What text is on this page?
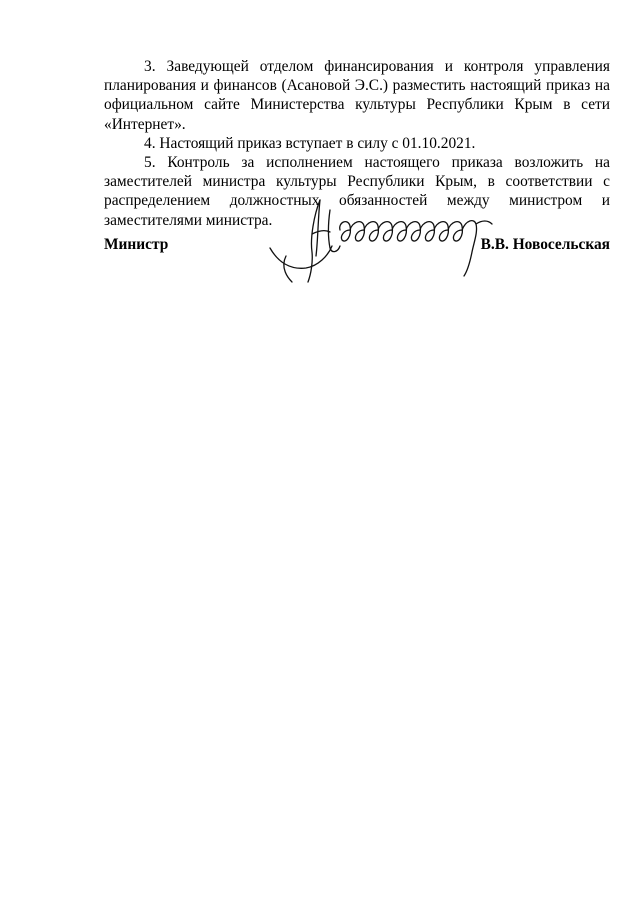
3. Заведующей отделом финансирования и контроля управления планирования и финансов (Асановой Э.С.) разместить настоящий приказ на официальном сайте Министерства культуры Республики Крым в сети «Интернет».

4. Настоящий приказ вступает в силу с 01.10.2021.

5. Контроль за исполнением настоящего приказа возложить на заместителей министра культуры Республики Крым, в соответствии с распределением должностных обязанностей между министром и заместителями министра.

Министр	В.В. Новосельская
